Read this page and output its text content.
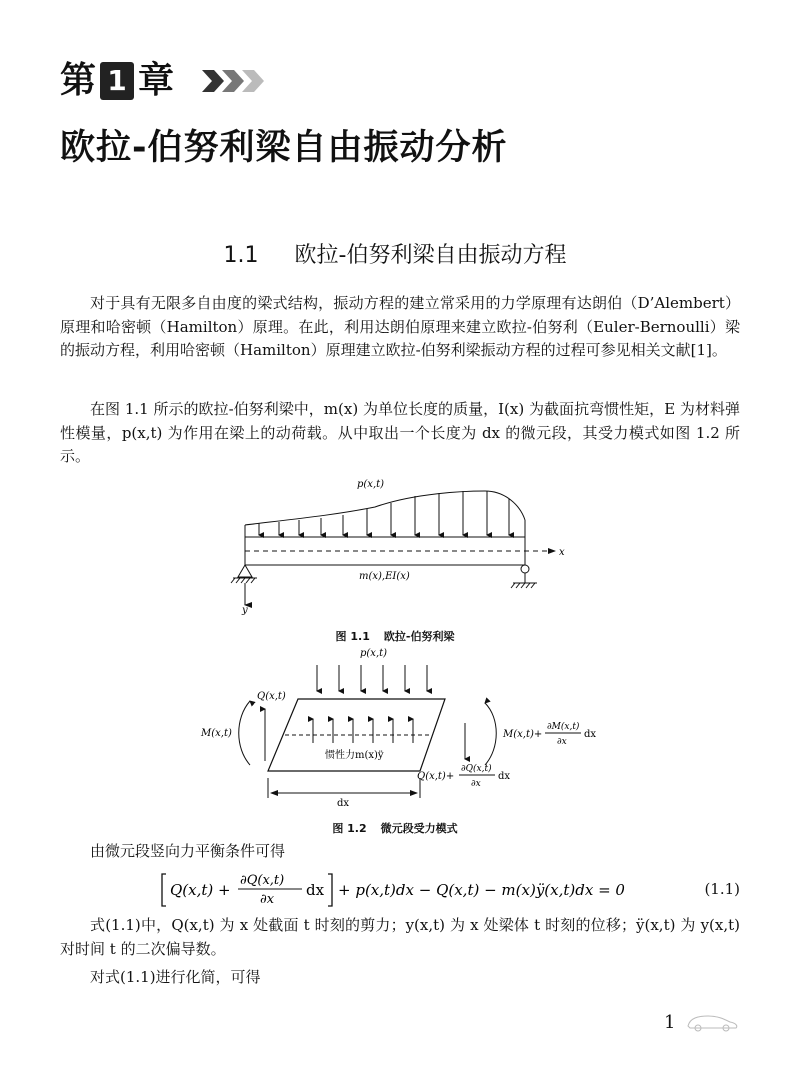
第 1 章
欧拉-伯努利梁自由振动分析
1.1 欧拉-伯努利梁自由振动方程

对于具有无限多自由度的梁式结构，振动方程的建立常采用的力学原理有达朗伯（D’Alembert）原理和哈密顿（Hamilton）原理。在此，利用达朗伯原理来建立欧拉-伯努利（Euler-Bernoulli）梁的振动方程，利用哈密顿（Hamilton）原理建立欧拉-伯努利梁振动方程的过程可参见相关文献[1]。

在图 1.1 所示的欧拉-伯努利梁中，m(x) 为单位长度的质量，I(x) 为截面抗弯惯性矩，E 为材料弹性模量，p(x,t) 为作用在梁上的动荷载。从中取出一个长度为 dx 的微元段，其受力模式如图 1.2 所示。

p(x,t)
x
y
m(x),EI(x)
图 1.1 欧拉-伯努利梁
p(x,t)
惯性力m(x)ÿ
Q(x,t)
M(x,t)	M(x,t)+
∂M(x,t)
∂x
dx
Q(x,t)+
∂Q(x,t)
∂x
dx
dx
图 1.2 微元段受力模式

由微元段竖向力平衡条件可得

Q(x,t) +
∂Q(x,t)
∂x
dx + p(x,t)dx − Q(x,t) − m(x)ÿ(x,t)dx = 0	(1.1)

式(1.1)中，Q(x,t) 为 x 处截面 t 时刻的剪力；y(x,t) 为 x 处梁体 t 时刻的位移；ÿ(x,t) 为 y(x,t) 对时间 t 的二次偏导数。

对式(1.1)进行化简，可得

1
